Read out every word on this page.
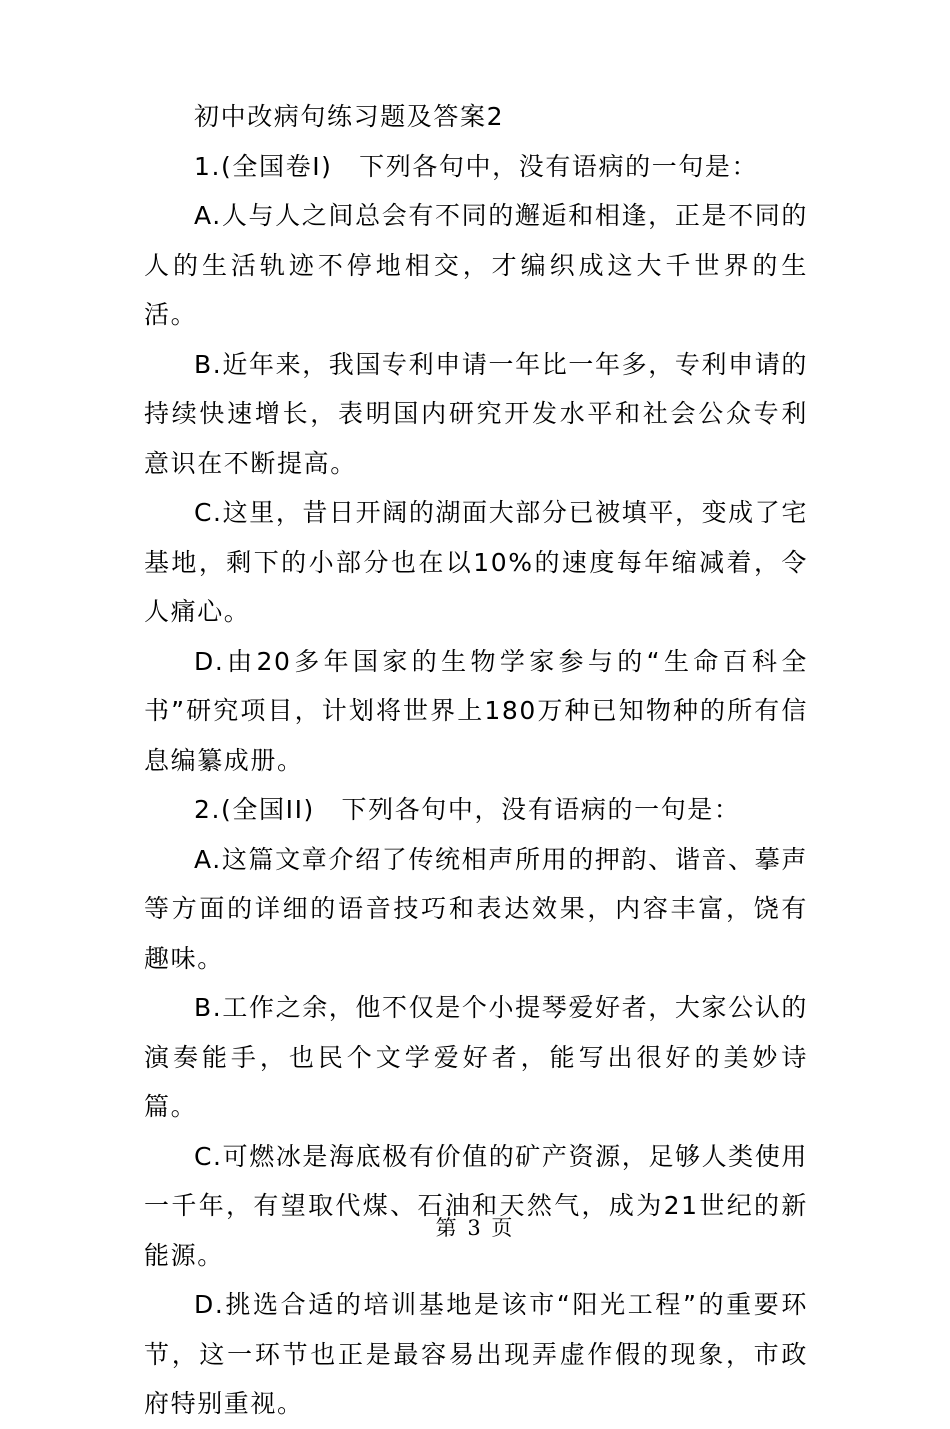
初中改病句练习题及答案2

1.(全国卷I)　下列各句中，没有语病的一句是：

A.人与人之间总会有不同的邂逅和相逢，正是不同的人的生活轨迹不停地相交，才编织成这大千世界的生活。

B.近年来，我国专利申请一年比一年多，专利申请的持续快速增长，表明国内研究开发水平和社会公众专利意识在不断提高。

C.这里，昔日开阔的湖面大部分已被填平，变成了宅基地，剩下的小部分也在以10%的速度每年缩减着，令人痛心。

D.由20多年国家的生物学家参与的“生命百科全书”研究项目，计划将世界上180万种已知物种的所有信息编纂成册。

2.(全国II)　下列各句中，没有语病的一句是：

A.这篇文章介绍了传统相声所用的押韵、谐音、摹声等方面的详细的语音技巧和表达效果，内容丰富，饶有趣味。

B.工作之余，他不仅是个小提琴爱好者，大家公认的演奏能手，也民个文学爱好者，能写出很好的美妙诗篇。

C.可燃冰是海底极有价值的矿产资源，足够人类使用一千年，有望取代煤、石油和天然气，成为21世纪的新能源。

D.挑选合适的培训基地是该市“阳光工程”的重要环节，这一环节也正是最容易出现弄虚作假的现象，市政府特别重视。

第 3 页
